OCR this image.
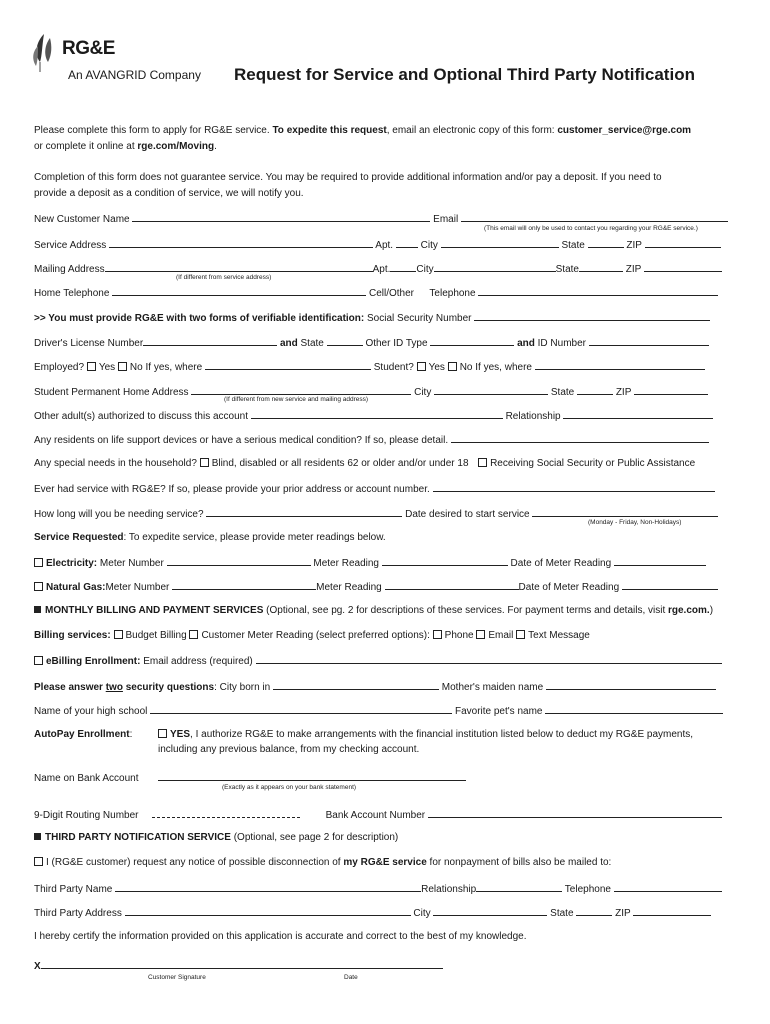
RG&E
An AVANGRID Company Request for Service and Optional Third Party Notification
Please complete this form to apply for RG&E service. To expedite this request, email an electronic copy of this form: customer_service@rge.com
or complete it online at rge.com/Moving.
Completion of this form does not guarantee service. You may be required to provide additional information and/or pay a deposit. If you need to
provide a deposit as a condition of service, we will notify you.
New Customer Name	Email
(This email will only be used to contact you regarding your RG&E service.)
Service Address	Apt.	City	State	ZIP
Mailing Address	Apt.	City	State	ZIP
(If different from service address)
Home Telephone	Cell/Other Telephone
>> You must provide RG&E with two forms of verifiable identification: Social Security Number
Driver's License Number	and State	Other ID Type	and ID Number
Employed? Yes No If yes, where	Student? Yes No If yes, where
Student Permanent Home Address	City	State	ZIP
(If different from new service and mailing address)
Other adult(s) authorized to discuss this account	Relationship
Any residents on life support devices or have a serious medical condition? If so, please detail.
Any special needs in the household? Blind, disabled or all residents 62 or older and/or under 18 Receiving Social Security or Public Assistance
Ever had service with RG&E? If so, please provide your prior address or account number.
How long will you be needing service?	Date desired to start service
(Monday - Friday, Non-Holidays)
Service Requested: To expedite service, please provide meter readings below.
Electricity: Meter Number	Meter Reading	Date of Meter Reading
Natural Gas:Meter Number	Meter Reading	Date of Meter Reading
MONTHLY BILLING AND PAYMENT SERVICES (Optional, see pg. 2 for descriptions of these services. For payment terms and details, visit rge.com.)
Billing services: Budget Billing Customer Meter Reading (select preferred options): Phone Email Text Message
eBilling Enrollment: Email address (required)
Please answer two security questions: City born in	Mother's maiden name
Name of your high school	Favorite pet's name
AutoPay Enrollment:	YES, I authorize RG&E to make arrangements with the financial institution listed below to deduct my RG&E payments,
including any previous balance, from my checking account.
Name on Bank Account
(Exactly as it appears on your bank statement)
9-Digit Routing Number	Bank Account Number
THIRD PARTY NOTIFICATION SERVICE (Optional, see page 2 for description)
I (RG&E customer) request any notice of possible disconnection of my RG&E service for nonpayment of bills also be mailed to:
Third Party Name	Relationship	Telephone
Third Party Address	City	State	ZIP
I hereby certify the information provided on this application is accurate and correct to the best of my knowledge.
X
Customer Signature	Date
